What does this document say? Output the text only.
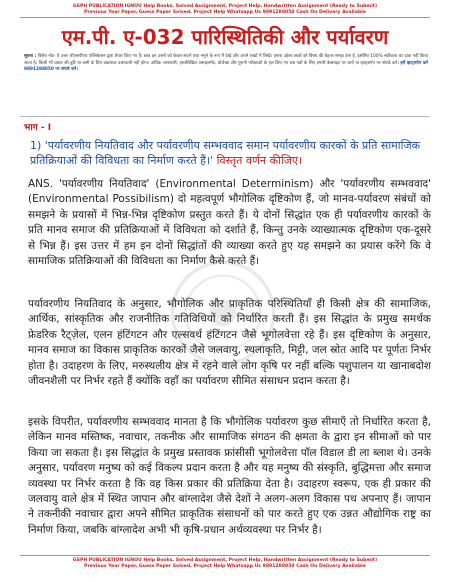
GSPH PUBLICATION IGNOU Help Books, Solved Assignment, Project Help, Handwritten Assignment (Ready to Submit)
Previous Year Paper, Guess Paper Solved, Project Help Whatsapp Us 9891288050 Cash On Delivery Available
एम.पी. ए-032 पारिस्थितिकी और पर्यावरण
सूचना : विशेष नोट- ये उत्तर जीएसपीएच पब्लिकेशन द्वारा तैयार किए गए हैं। छात्र इन उत्तरों को केवल संदर्भ तथा नमूने के रूप में देखें और अपने शब्दों में लिखें। हमारा उद्देश्य छात्रों को विषय की बेहतर समझ देना है, इसलिए 100% सटीकता का दावा नहीं किया जाता है। किसी भी प्रकार की त्रुटि या कमी के लिए प्रकाशक उत्तरदायी नहीं होगा। अधिक जानकारी, हस्तलिखित असाइनमेंट, प्रोजेक्ट और पुरानी परीक्षाओं के हल किए गए प्रश्न पत्रों के लिए हमारी वेबसाइट पर जाएँ या व्हाट्सऐप पर संपर्क करें। हमें व्हाट्सऐप करें 9891288050 पर संपर्क करें।
भाग - I
1) 'पर्यावरणीय नियतिवाद और पर्यावरणीय सम्भववाद समान पर्यावरणीय कारकों के प्रति सामाजिक प्रतिक्रियाओं की विविधता का निर्माण करते हैं।' विस्तृत वर्णन कीजिए।

ANS. 'पर्यावरणीय नियतिवाद' (Environmental Determinism) और 'पर्यावरणीय सम्भववाद' (Environmental Possibilism) दो महत्वपूर्ण भौगोलिक दृष्टिकोण हैं, जो मानव-पर्यावरण संबंधों को समझने के प्रयासों में भिन्न-भिन्न दृष्टिकोण प्रस्तुत करते हैं। ये दोनों सिद्धांत एक ही पर्यावरणीय कारकों के प्रति मानव समाज की प्रतिक्रियाओं में विविधता को दर्शाते हैं, किन्तु उनके व्याख्यात्मक दृष्टिकोण एक-दूसरे से भिन्न हैं। इस उत्तर में हम इन दोनों सिद्धांतों की व्याख्या करते हुए यह समझने का प्रयास करेंगे कि वे सामाजिक प्रतिक्रियाओं की विविधता का निर्माण कैसे करते हैं।

पर्यावरणीय नियतिवाद के अनुसार, भौगोलिक और प्राकृतिक परिस्थितियाँ ही किसी क्षेत्र की सामाजिक, आर्थिक, सांस्कृतिक और राजनीतिक गतिविधियों को निर्धारित करती हैं। इस सिद्धांत के प्रमुख समर्थक फ्रेडरिक रैट्ज़ेल, एलन हंटिंगटन और एल्सवर्थ हंटिंगटन जैसे भूगोलवेत्ता रहे हैं। इस दृष्टिकोण के अनुसार, मानव समाज का विकास प्राकृतिक कारकों जैसे जलवायु, स्थलाकृति, मिट्टी, जल स्रोत आदि पर पूर्णतः निर्भर होता है। उदाहरण के लिए, मरुस्थलीय क्षेत्र में रहने वाले लोग कृषि पर नहीं बल्कि पशुपालन या खानाबदोश जीवनशैली पर निर्भर रहते हैं क्योंकि वहाँ का पर्यावरण सीमित संसाधन प्रदान करता है।

इसके विपरीत, पर्यावरणीय सम्भववाद मानता है कि भौगोलिक पर्यावरण कुछ सीमाएँ तो निर्धारित करता है, लेकिन मानव मस्तिष्क, नवाचार, तकनीक और सामाजिक संगठन की क्षमता के द्वारा इन सीमाओं को पार किया जा सकता है। इस सिद्धांत के प्रमुख प्रस्तावक फ्रांसीसी भूगोलवेत्ता पॉल विडाल डी ला ब्लाश थे। उनके अनुसार, पर्यावरण मनुष्य को कई विकल्प प्रदान करता है और यह मनुष्य की संस्कृति, बुद्धिमत्ता और समाज व्यवस्था पर निर्भर करता है कि वह किस प्रकार की प्रतिक्रिया देता है। उदाहरण स्वरूप, एक ही प्रकार की जलवायु वाले क्षेत्र में स्थित जापान और बांग्लादेश जैसे देशों ने अलग-अलग विकास पथ अपनाए हैं। जापान ने तकनीकी नवाचार द्वारा अपने सीमित प्राकृतिक संसाधनों को पार करते हुए एक उन्नत औद्योगिक राष्ट्र का निर्माण किया, जबकि बांग्लादेश अभी भी कृषि-प्रधान अर्थव्यवस्था पर निर्भर है।

GSPH PUBLICATION IGNOU Help Books, Solved Assignment, Project Help, Handwritten Assignment (Ready to Submit)
Previous Year Paper, Guess Paper Solved, Project Help Whatsapp Us 9891288050 Cash On Delivery Available
